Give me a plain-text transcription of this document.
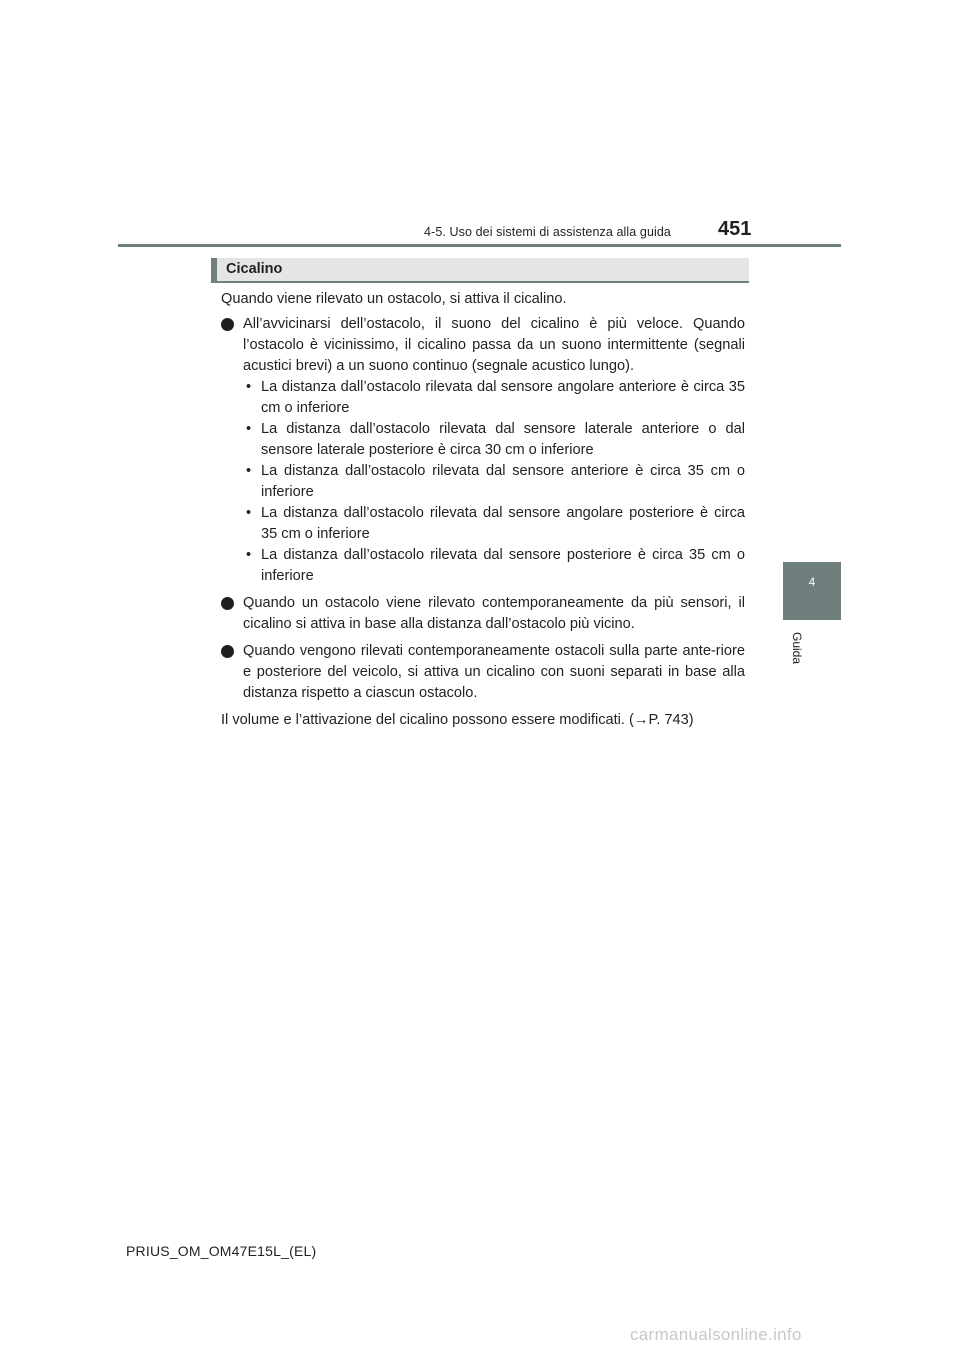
4-5. Uso dei sistemi di assistenza alla guida 451
4
Guida
Cicalino

Quando viene rilevato un ostacolo, si attiva il cicalino.

All’avvicinarsi dell’ostacolo, il suono del cicalino è più veloce. Quando l’ostacolo è vicinissimo, il cicalino passa da un suono intermittente (segnali acustici brevi) a un suono continuo (segnale acustico lungo).
• La distanza dall’ostacolo rilevata dal sensore angolare anteriore è circa 35 cm o inferiore
• La distanza dall’ostacolo rilevata dal sensore laterale anteriore o dal sensore laterale posteriore è circa 30 cm o inferiore
• La distanza dall’ostacolo rilevata dal sensore anteriore è circa 35 cm o inferiore
• La distanza dall’ostacolo rilevata dal sensore angolare posteriore è circa 35 cm o inferiore
• La distanza dall’ostacolo rilevata dal sensore posteriore è circa 35 cm o inferiore
Quando un ostacolo viene rilevato contemporaneamente da più sensori, il cicalino si attiva in base alla distanza dall’ostacolo più vicino.
Quando vengono rilevati contemporaneamente ostacoli sulla parte ante-riore e posteriore del veicolo, si attiva un cicalino con suoni separati in base alla distanza rispetto a ciascun ostacolo.

Il volume e l’attivazione del cicalino possono essere modificati. (→P. 743)

PRIUS_OM_OM47E15L_(EL)
carmanualsonline.info
